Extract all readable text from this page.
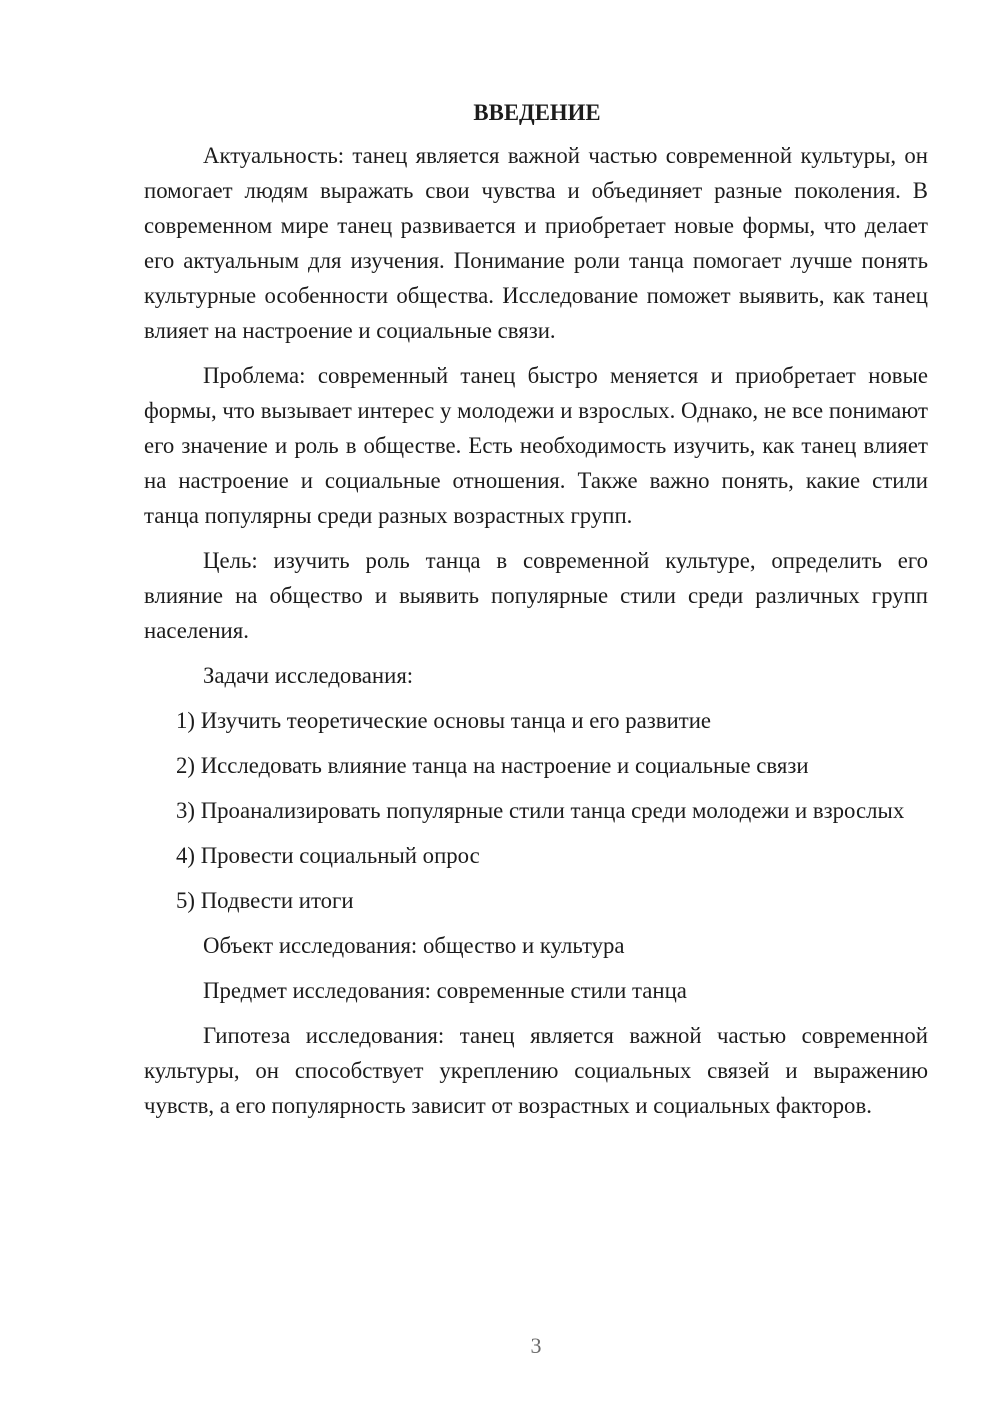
ВВЕДЕНИЕ

Актуальность: танец является важной частью современной культуры, он помогает людям выражать свои чувства и объединяет разные поколения. В современном мире танец развивается и приобретает новые формы, что делает его актуальным для изучения. Понимание роли танца помогает лучше понять культурные особенности общества. Исследование поможет выявить, как танец влияет на настроение и социальные связи.

Проблема: современный танец быстро меняется и приобретает новые формы, что вызывает интерес у молодежи и взрослых. Однако, не все понимают его значение и роль в обществе. Есть необходимость изучить, как танец влияет на настроение и социальные отношения. Также важно понять, какие стили танца популярны среди разных возрастных групп.

Цель: изучить роль танца в современной культуре, определить его влияние на общество и выявить популярные стили среди различных групп населения.

Задачи исследования:

1) Изучить теоретические основы танца и его развитие

2) Исследовать влияние танца на настроение и социальные связи

3) Проанализировать популярные стили танца среди молодежи и взрослых

4) Провести социальный опрос

5) Подвести итоги

Объект исследования: общество и культура

Предмет исследования: современные стили танца

Гипотеза исследования: танец является важной частью современной культуры, он способствует укреплению социальных связей и выражению чувств, а его популярность зависит от возрастных и социальных факторов.

3
